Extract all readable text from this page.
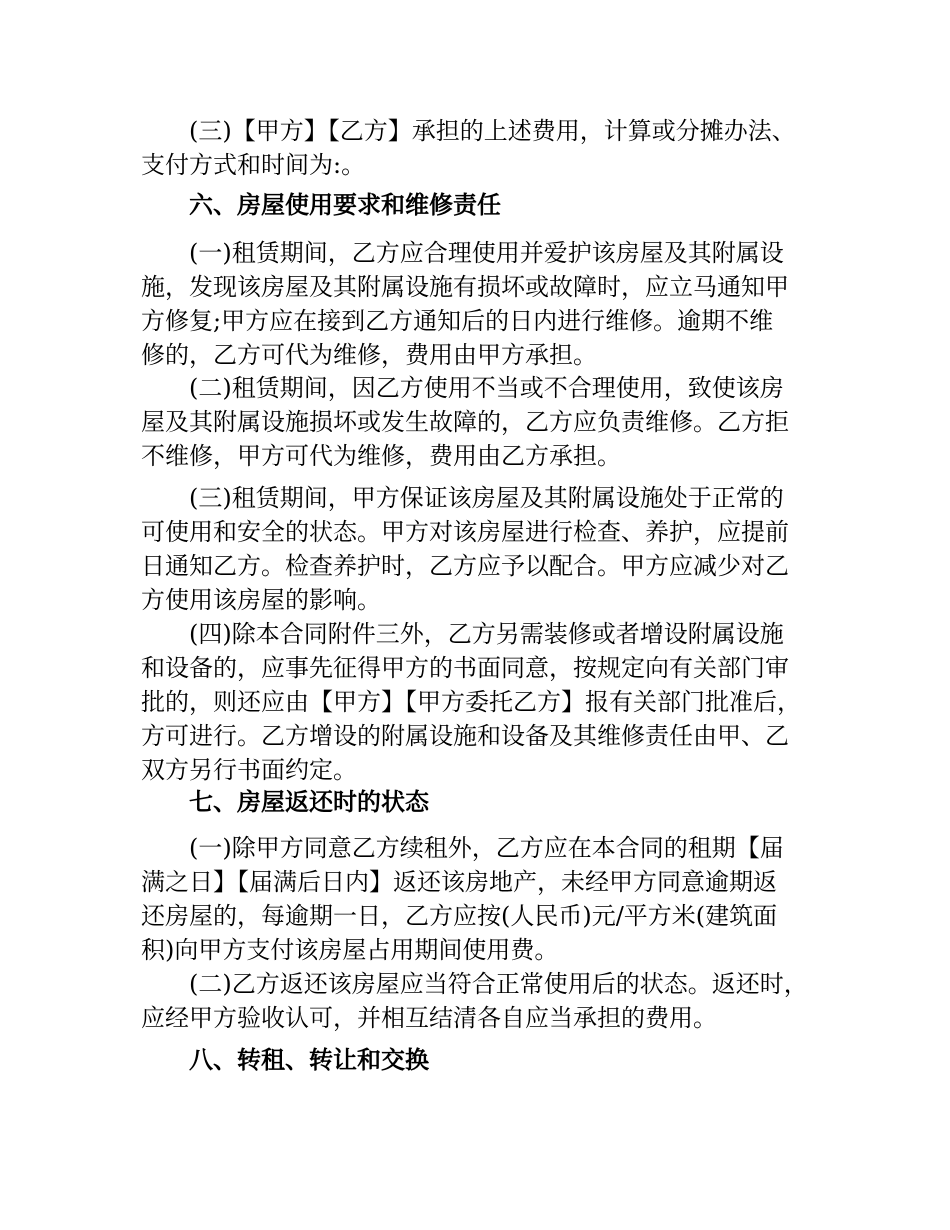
(三)【甲方】【乙方】承担的上述费用，计算或分摊办法、
支付方式和时间为:。
六、房屋使用要求和维修责任
(一)租赁期间，乙方应合理使用并爱护该房屋及其附属设
施，发现该房屋及其附属设施有损坏或故障时，应立马通知甲
方修复;甲方应在接到乙方通知后的日内进行维修。逾期不维
修的，乙方可代为维修，费用由甲方承担。
(二)租赁期间，因乙方使用不当或不合理使用，致使该房
屋及其附属设施损坏或发生故障的，乙方应负责维修。乙方拒
不维修，甲方可代为维修，费用由乙方承担。
(三)租赁期间，甲方保证该房屋及其附属设施处于正常的
可使用和安全的状态。甲方对该房屋进行检查、养护，应提前
日通知乙方。检查养护时，乙方应予以配合。甲方应减少对乙
方使用该房屋的影响。
(四)除本合同附件三外，乙方另需装修或者增设附属设施
和设备的，应事先征得甲方的书面同意，按规定向有关部门审
批的，则还应由【甲方】【甲方委托乙方】报有关部门批准后，
方可进行。乙方增设的附属设施和设备及其维修责任由甲、乙
双方另行书面约定。
七、房屋返还时的状态
(一)除甲方同意乙方续租外，乙方应在本合同的租期【届
满之日】【届满后日内】返还该房地产，未经甲方同意逾期返
还房屋的，每逾期一日，乙方应按(人民币)元/平方米(建筑面
积)向甲方支付该房屋占用期间使用费。
(二)乙方返还该房屋应当符合正常使用后的状态。返还时，
应经甲方验收认可，并相互结清各自应当承担的费用。
八、转租、转让和交换
